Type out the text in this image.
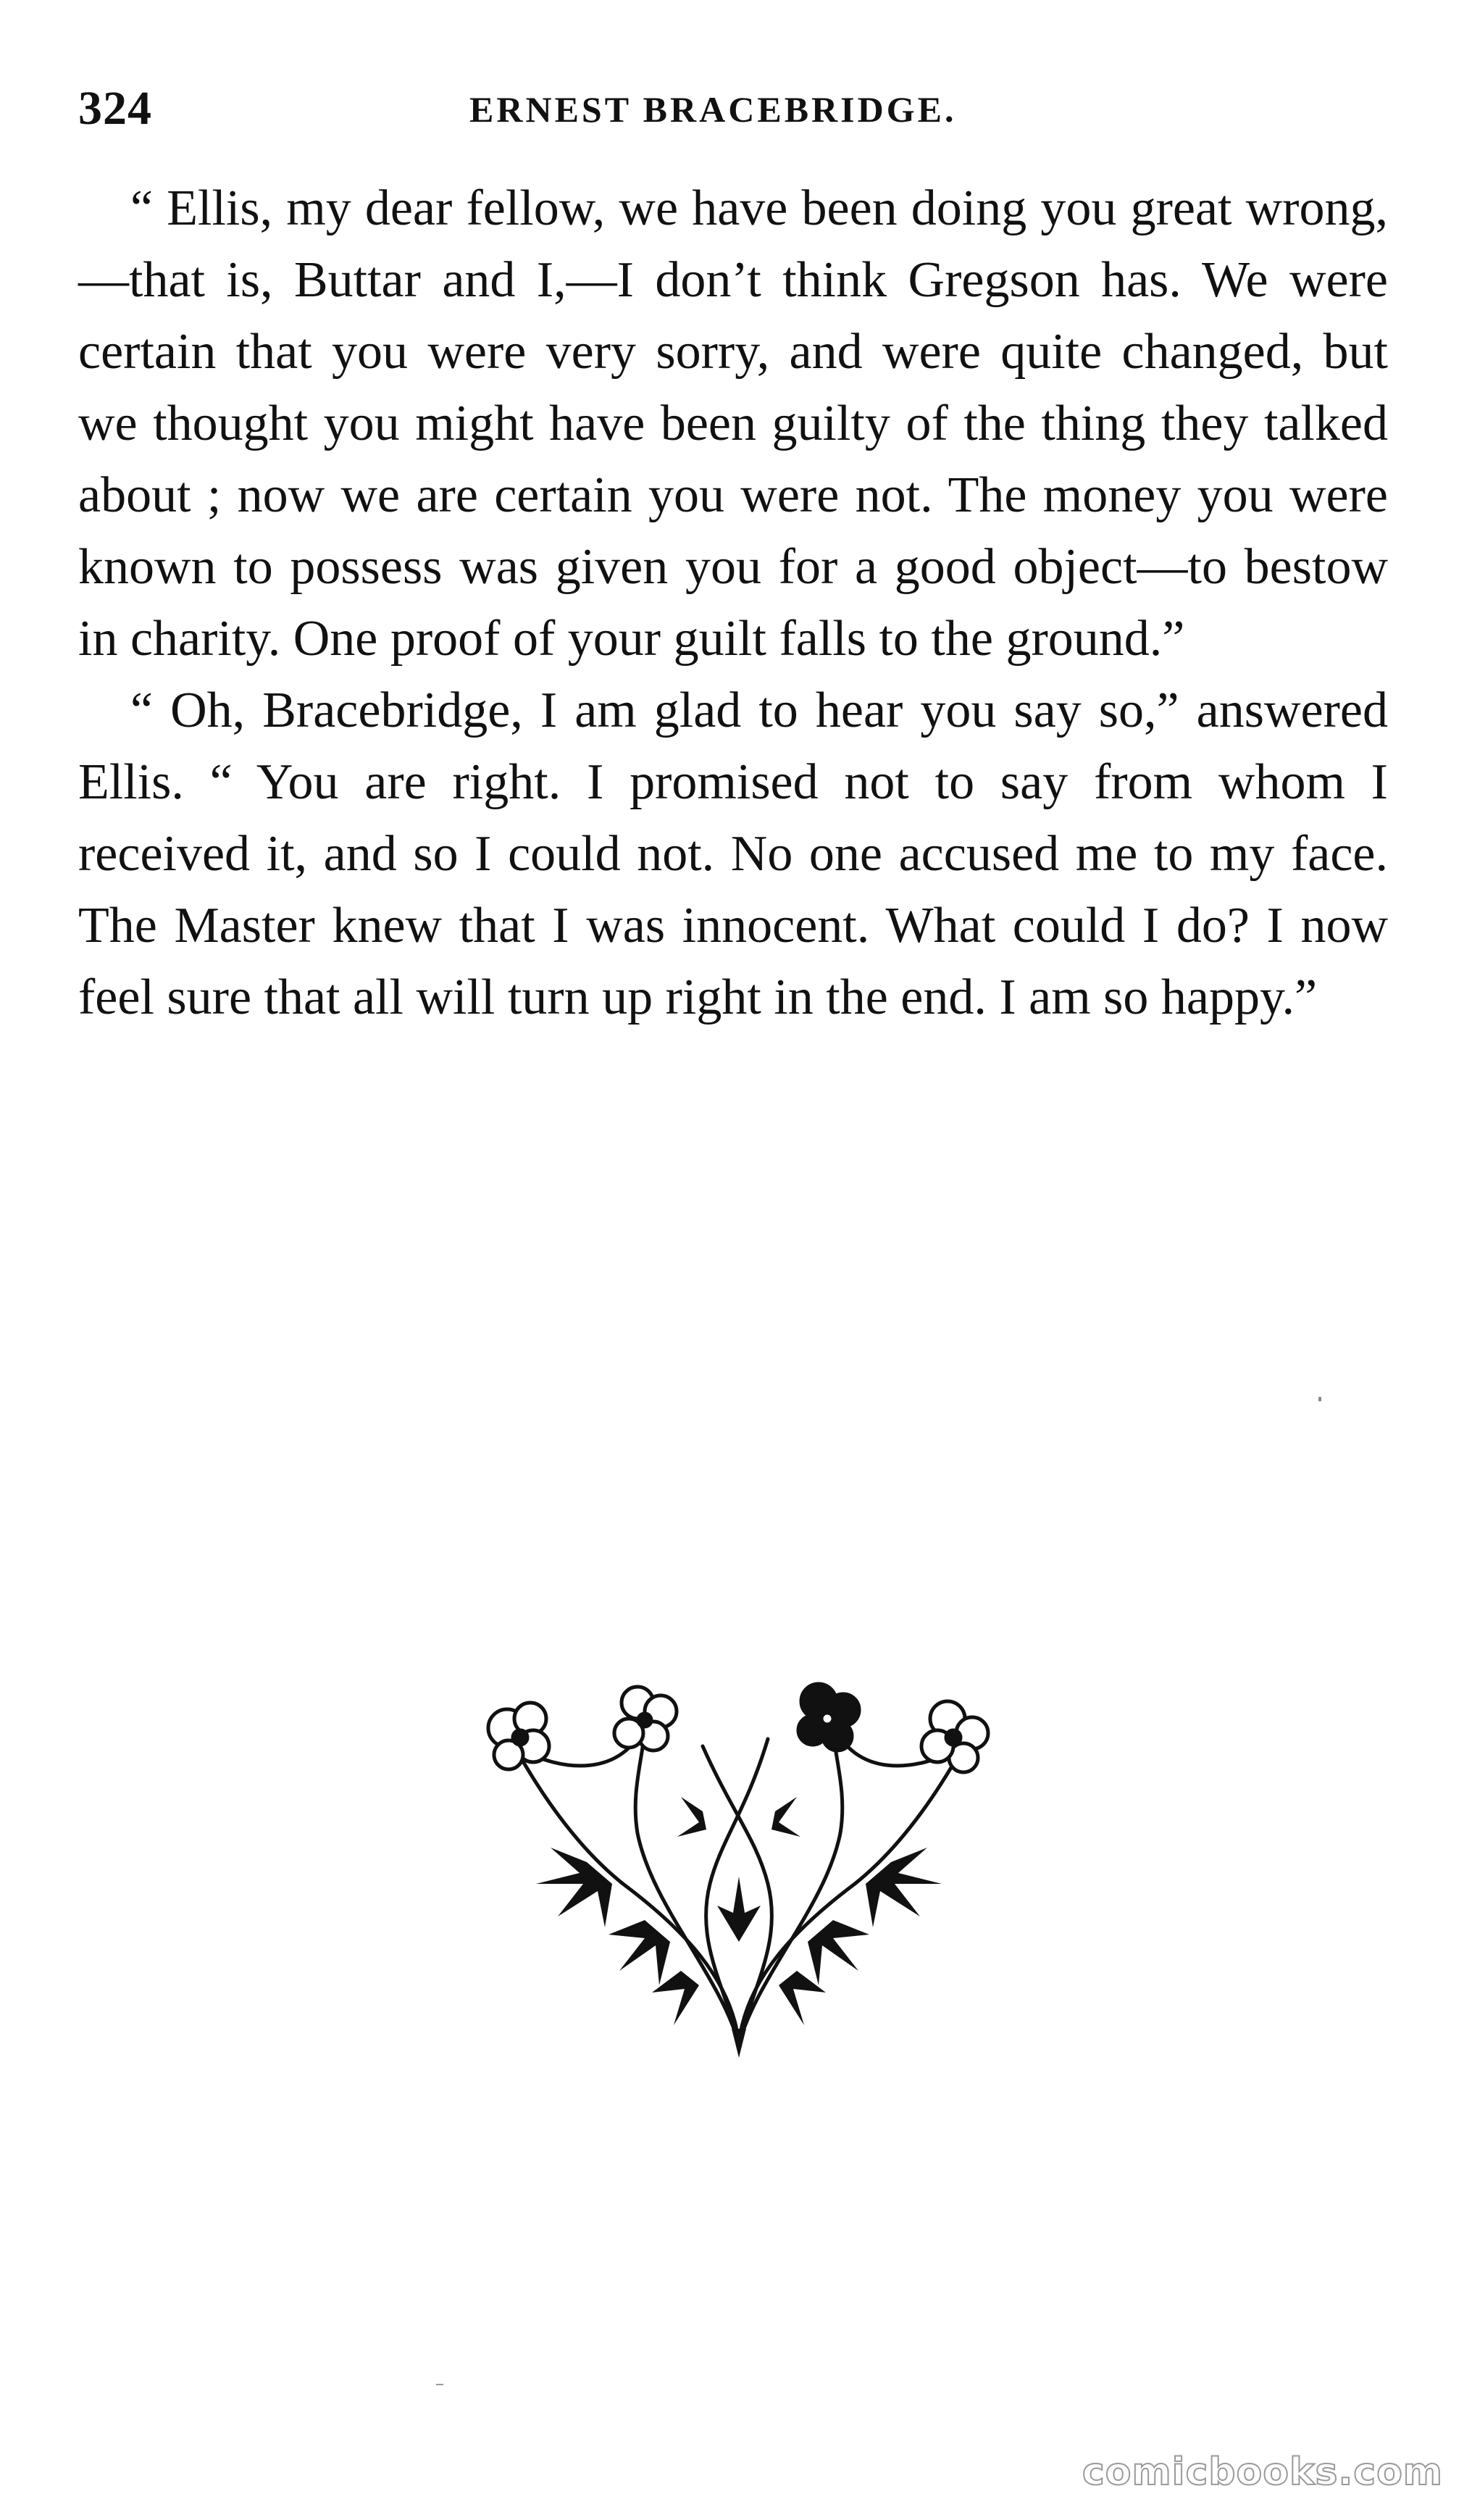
324	ERNEST BRACEBRIDGE.

“ Ellis, my dear fellow, we have been doing you great wrong,—that is, Buttar and I,—I don’t think Gregson has. We were certain that you were very sorry, and were quite changed, but we thought you might have been guilty of the thing they talked about ; now we are certain you were not. The money you were known to possess was given you for a good object—to bestow in charity. One proof of your guilt falls to the ground.”

“ Oh, Bracebridge, I am glad to hear you say so,” answered Ellis. “ You are right. I promised not to say from whom I received it, and so I could not. No one accused me to my face. The Master knew that I was innocent. What could I do? I now feel sure that all will turn up right in the end. I am so happy.”

comicbooks.com
